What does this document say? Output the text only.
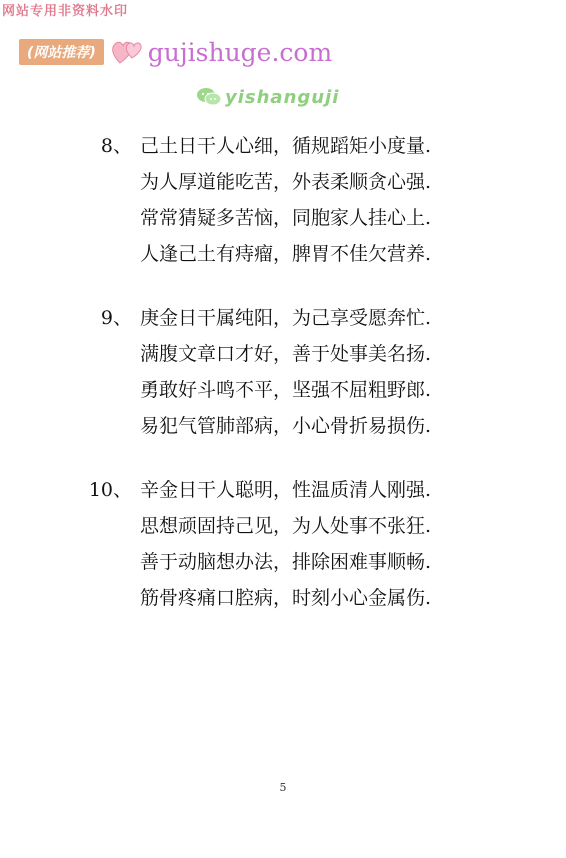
网站专用非资料水印
(网站推荐)	gujishuge.com
yishanguji
8、 己土日干人心细，循规蹈矩小度量.
为人厚道能吃苦，外表柔顺贪心强.
常常猜疑多苦恼，同胞家人挂心上.
人逢己土有痔瘤，脾胃不佳欠营养.
9、 庚金日干属纯阳，为己享受愿奔忙.
满腹文章口才好，善于处事美名扬.
勇敢好斗鸣不平，坚强不屈粗野郎.
易犯气管肺部病，小心骨折易损伤.
10、 辛金日干人聪明，性温质清人刚强.
思想顽固持己见，为人处事不张狂.
善于动脑想办法，排除困难事顺畅.
筋骨疼痛口腔病，时刻小心金属伤.
5
